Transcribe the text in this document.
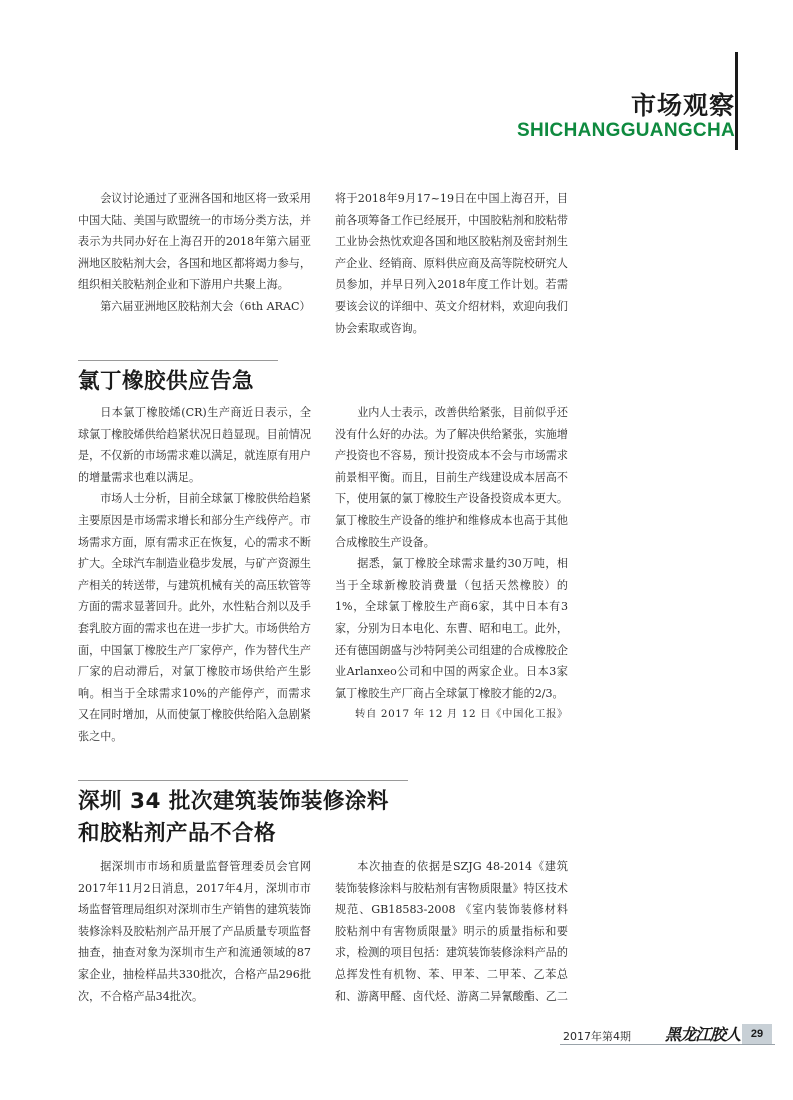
市场观察
SHICHANGGUANGCHA

会议讨论通过了亚洲各国和地区将一致采用中国大陆、美国与欧盟统一的市场分类方法，并表示为共同办好在上海召开的2018年第六届亚洲地区胶粘剂大会，各国和地区都将竭力参与，组织相关胶粘剂企业和下游用户共聚上海。

第六届亚洲地区胶粘剂大会（6th ARAC）

将于2018年9月17~19日在中国上海召开，目前各项筹备工作已经展开，中国胶粘剂和胶粘带工业协会热忱欢迎各国和地区胶粘剂及密封剂生产企业、经销商、原料供应商及高等院校研究人员参加，并早日列入2018年度工作计划。若需要该会议的详细中、英文介绍材料，欢迎向我们协会索取或咨询。

氯丁橡胶供应告急

日本氯丁橡胶烯(CR)生产商近日表示，全球氯丁橡胶烯供给趋紧状况日趋显现。目前情况是，不仅新的市场需求难以满足，就连原有用户的增量需求也难以满足。

市场人士分析，目前全球氯丁橡胶供给趋紧主要原因是市场需求增长和部分生产线停产。市场需求方面，原有需求正在恢复，心的需求不断扩大。全球汽车制造业稳步发展，与矿产资源生产相关的转送带，与建筑机械有关的高压软管等方面的需求显著回升。此外，水性粘合剂以及手套乳胶方面的需求也在进一步扩大。市场供给方面，中国氯丁橡胶生产厂家停产，作为替代生产厂家的启动滞后，对氯丁橡胶市场供给产生影响。相当于全球需求10%的产能停产，而需求又在同时增加，从而使氯丁橡胶供给陷入急剧紧张之中。

业内人士表示，改善供给紧张，目前似乎还没有什么好的办法。为了解决供给紧张，实施增产投资也不容易，预计投资成本不会与市场需求前景相平衡。而且，目前生产线建设成本居高不下，使用氯的氯丁橡胶生产设备投资成本更大。氯丁橡胶生产设备的维护和维修成本也高于其他合成橡胶生产设备。

据悉，氯丁橡胶全球需求量约30万吨，相当于全球新橡胶消费量（包括天然橡胶）的1%，全球氯丁橡胶生产商6家，其中日本有3家，分别为日本电化、东曹、昭和电工。此外，还有德国朗盛与沙特阿美公司组建的合成橡胶企业Arlanxeo公司和中国的两家企业。日本3家氯丁橡胶生产厂商占全球氯丁橡胶才能的2/3。

转自 2017 年 12 月 12 日《中国化工报》

深圳 34 批次建筑装饰装修涂料
和胶粘剂产品不合格

据深圳市市场和质量监督管理委员会官网2017年11月2日消息，2017年4月，深圳市市场监督管理局组织对深圳市生产销售的建筑装饰装修涂料及胶粘剂产品开展了产品质量专项监督抽查，抽查对象为深圳市生产和流通领域的87家企业，抽检样品共330批次，合格产品296批次，不合格产品34批次。

本次抽查的依据是SZJG 48-2014《建筑装饰装修涂料与胶粘剂有害物质限量》特区技术规范、GB18583-2008 《室内装饰装修材料 胶粘剂中有害物质限量》明示的质量指标和要求，检测的项目包括：建筑装饰装修涂料产品的总挥发性有机物、苯、甲苯、二甲苯、乙苯总和、游离甲醛、卤代烃、游离二异氰酸酯、乙二

2017年第4期 黑龙江胶人 29
